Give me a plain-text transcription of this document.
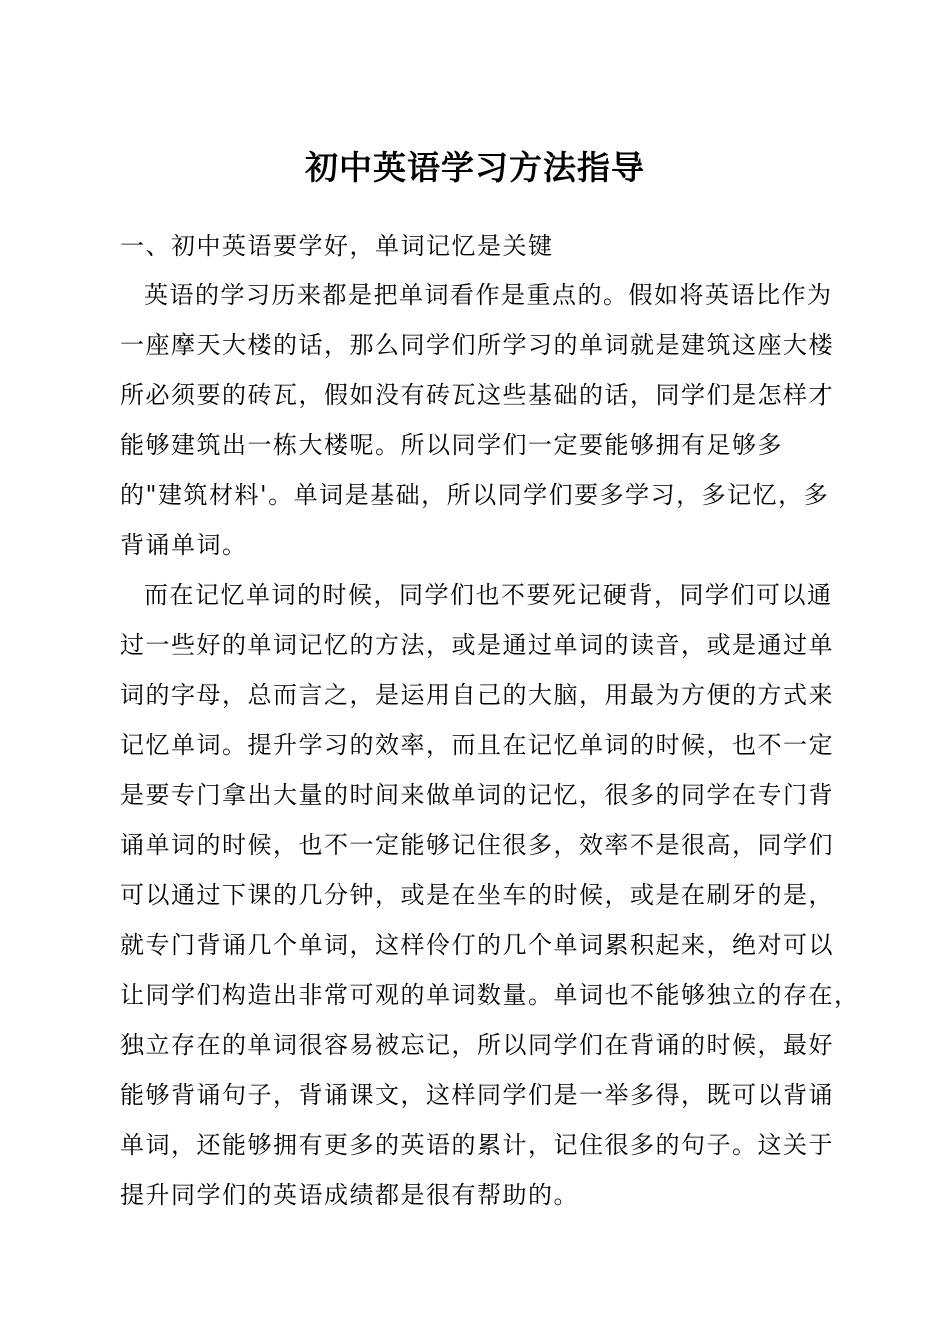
初中英语学习方法指导
一、初中英语要学好，单词记忆是关键
英语的学习历来都是把单词看作是重点的。假如将英语比作为
一座摩天大楼的话，那么同学们所学习的单词就是建筑这座大楼
所必须要的砖瓦，假如没有砖瓦这些基础的话，同学们是怎样才
能够建筑出一栋大楼呢。所以同学们一定要能够拥有足够多
的"建筑材料'。单词是基础，所以同学们要多学习，多记忆，多
背诵单词。
而在记忆单词的时候，同学们也不要死记硬背，同学们可以通
过一些好的单词记忆的方法，或是通过单词的读音，或是通过单
词的字母，总而言之，是运用自己的大脑，用最为方便的方式来
记忆单词。提升学习的效率，而且在记忆单词的时候，也不一定
是要专门拿出大量的时间来做单词的记忆，很多的同学在专门背
诵单词的时候，也不一定能够记住很多，效率不是很高，同学们
可以通过下课的几分钟，或是在坐车的时候，或是在刷牙的是，
就专门背诵几个单词，这样伶仃的几个单词累积起来，绝对可以
让同学们构造出非常可观的单词数量。单词也不能够独立的存在，
独立存在的单词很容易被忘记，所以同学们在背诵的时候，最好
能够背诵句子，背诵课文，这样同学们是一举多得，既可以背诵
单词，还能够拥有更多的英语的累计，记住很多的句子。这关于
提升同学们的英语成绩都是很有帮助的。
